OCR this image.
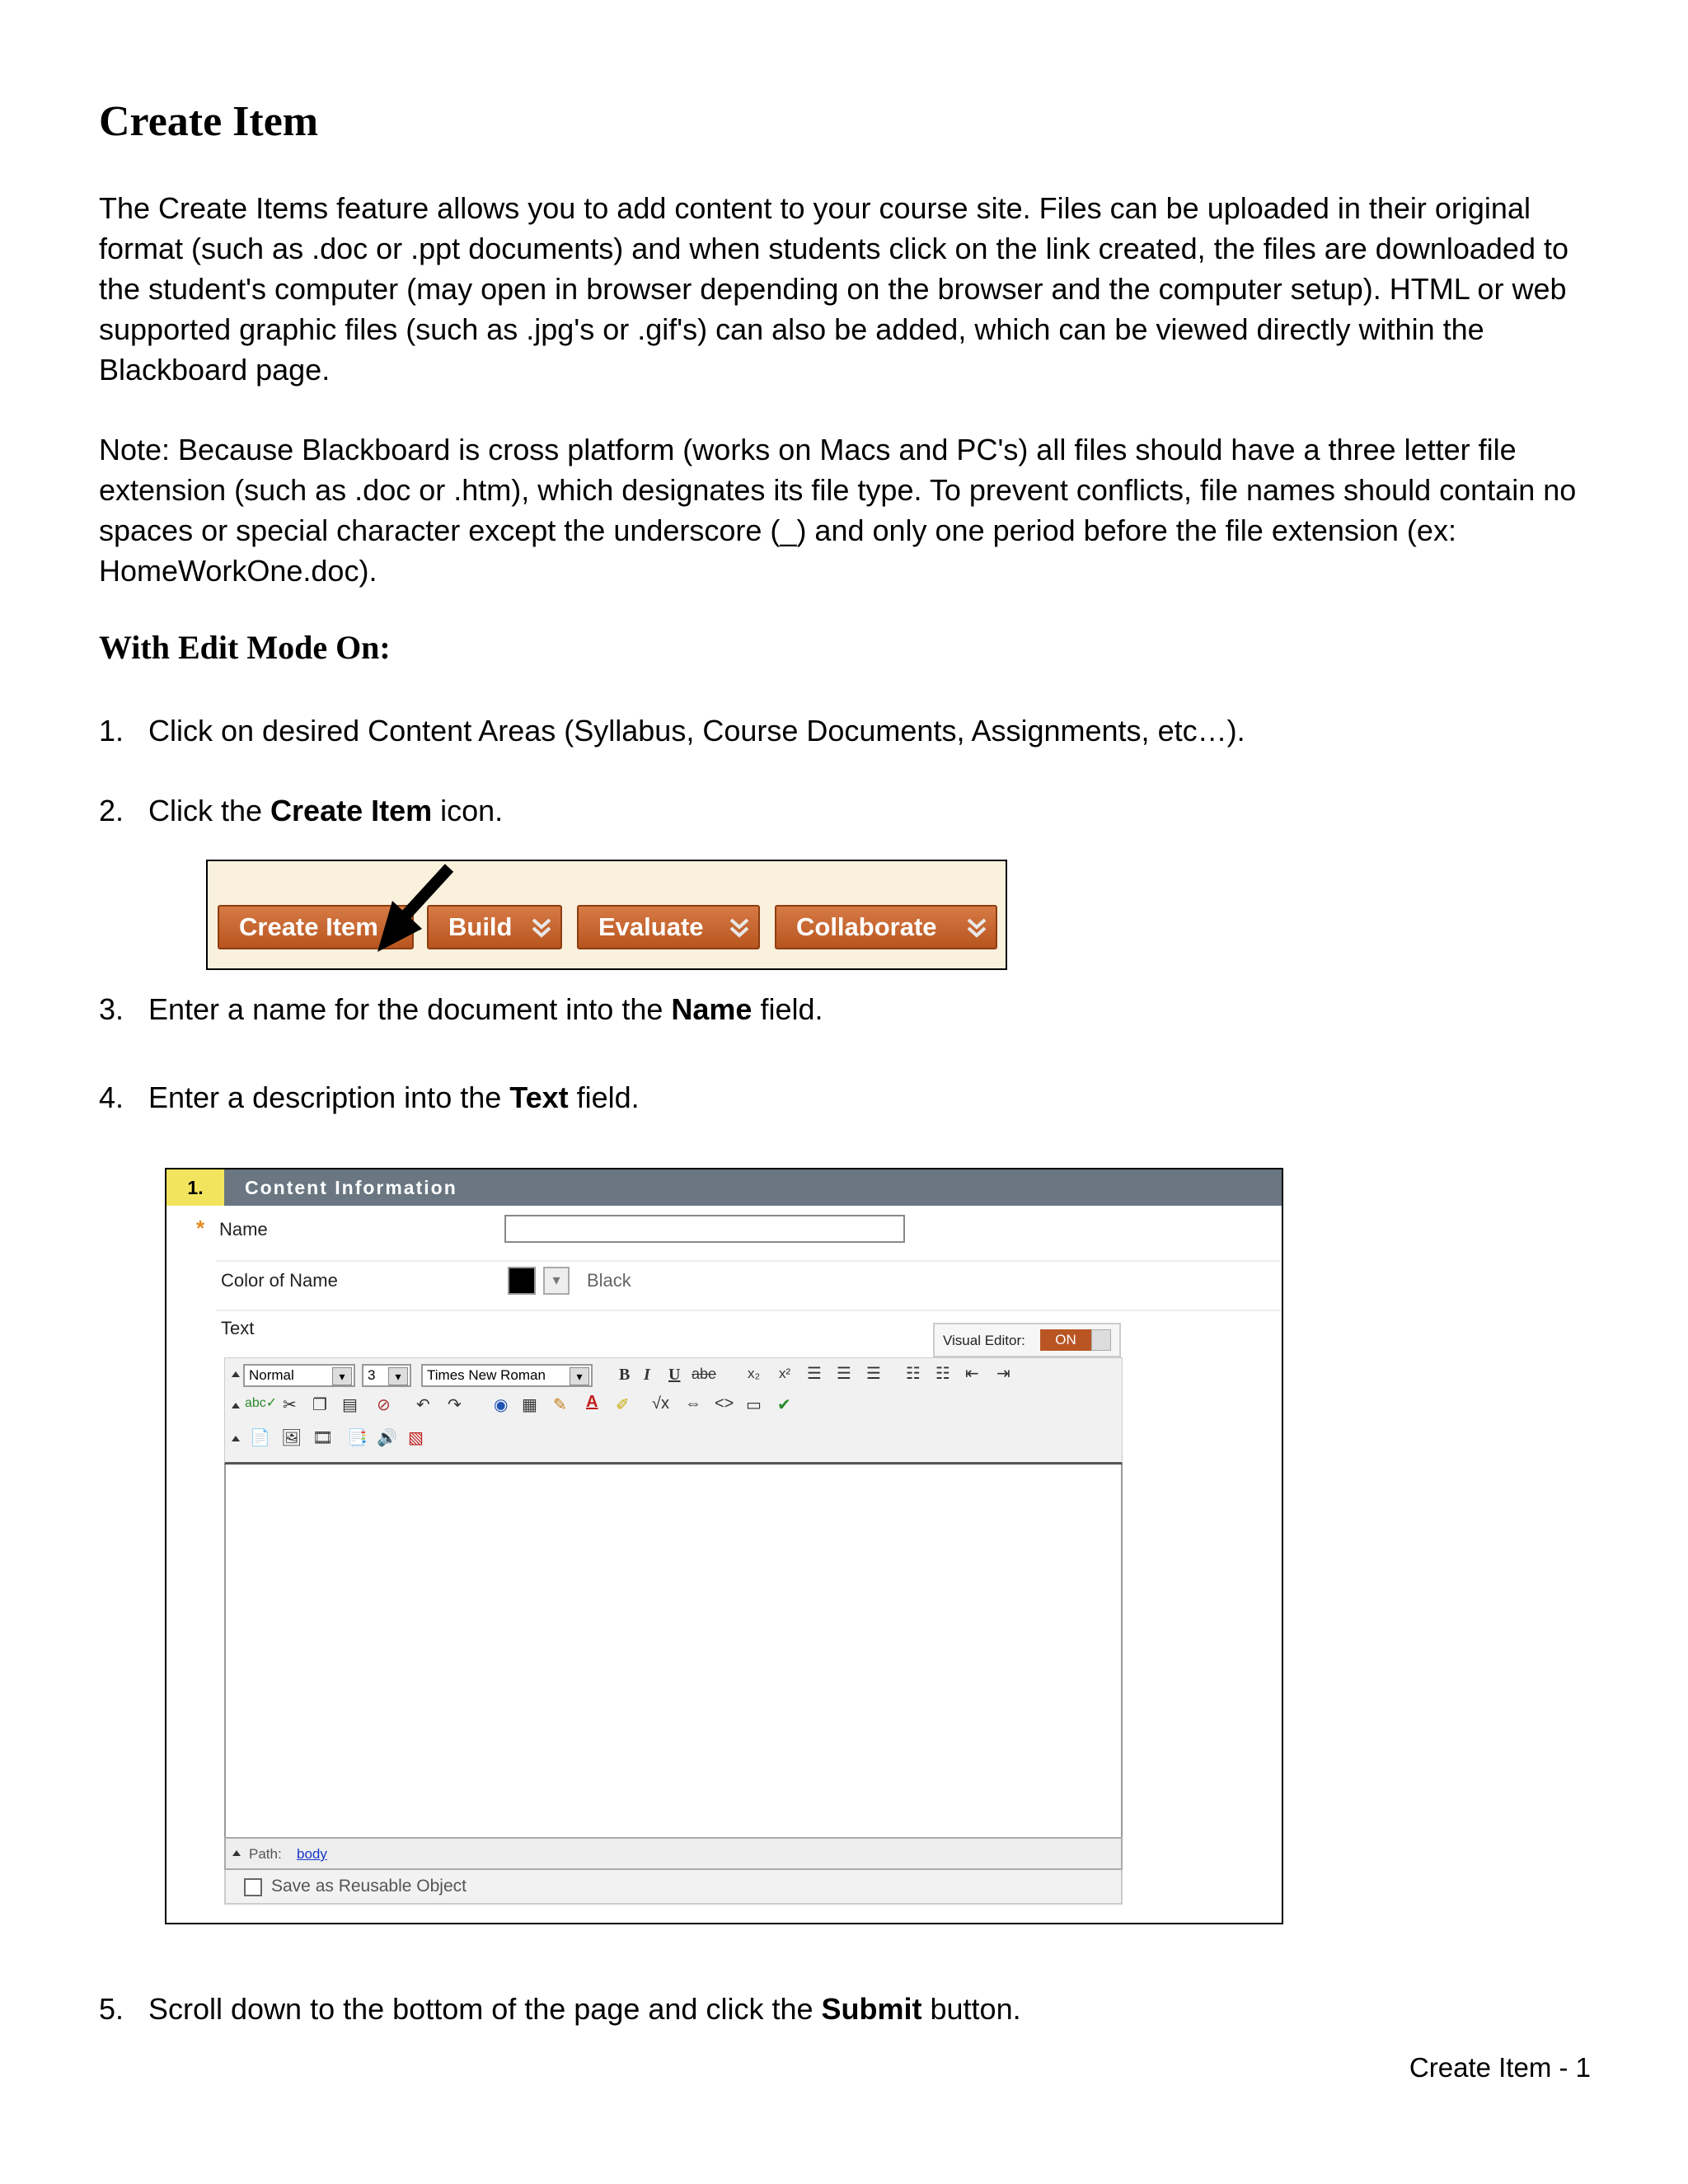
Create Item

The Create Items feature allows you to add content to your course site. Files can be uploaded in their original format (such as .doc or .ppt documents) and when students click on the link created, the files are downloaded to the student's computer (may open in browser depending on the browser and the computer setup). HTML or web supported graphic files (such as .jpg's or .gif's) can also be added, which can be viewed directly within the Blackboard page.

Note: Because Blackboard is cross platform (works on Macs and PC's) all files should have a three letter file extension (such as .doc or .htm), which designates its file type. To prevent conflicts, file names should contain no spaces or special character except the underscore (_) and only one period before the file extension (ex: HomeWorkOne.doc).

With Edit Mode On:

1. Click on desired Content Areas (Syllabus, Course Documents, Assignments, etc…).

2. Click the Create Item icon.

Create Item	Build	Evaluate	Collaborate

3. Enter a name for the document into the Name field.

4. Enter a description into the Text field.

1.	Content Information
* Name
Color of Name	▾	Black
Text
Visual Editor:	ON
Normal	▾	3	▾	Times New Roman	▾	B I U abe x₂ x² ☰ ☰ ☰ ☷ ☷ ⇤ ⇥
abc✓ ✂ ❐ ▤ ⊘ ↶ ↷ ◉ ▦ ✎ A ✐ √x ⇔ <> ▭ ✔
📄 🖼 🎞 📑 🔊 ▧
Path: body
Save as Reusable Object

5. Scroll down to the bottom of the page and click the Submit button.

Create Item - 1
